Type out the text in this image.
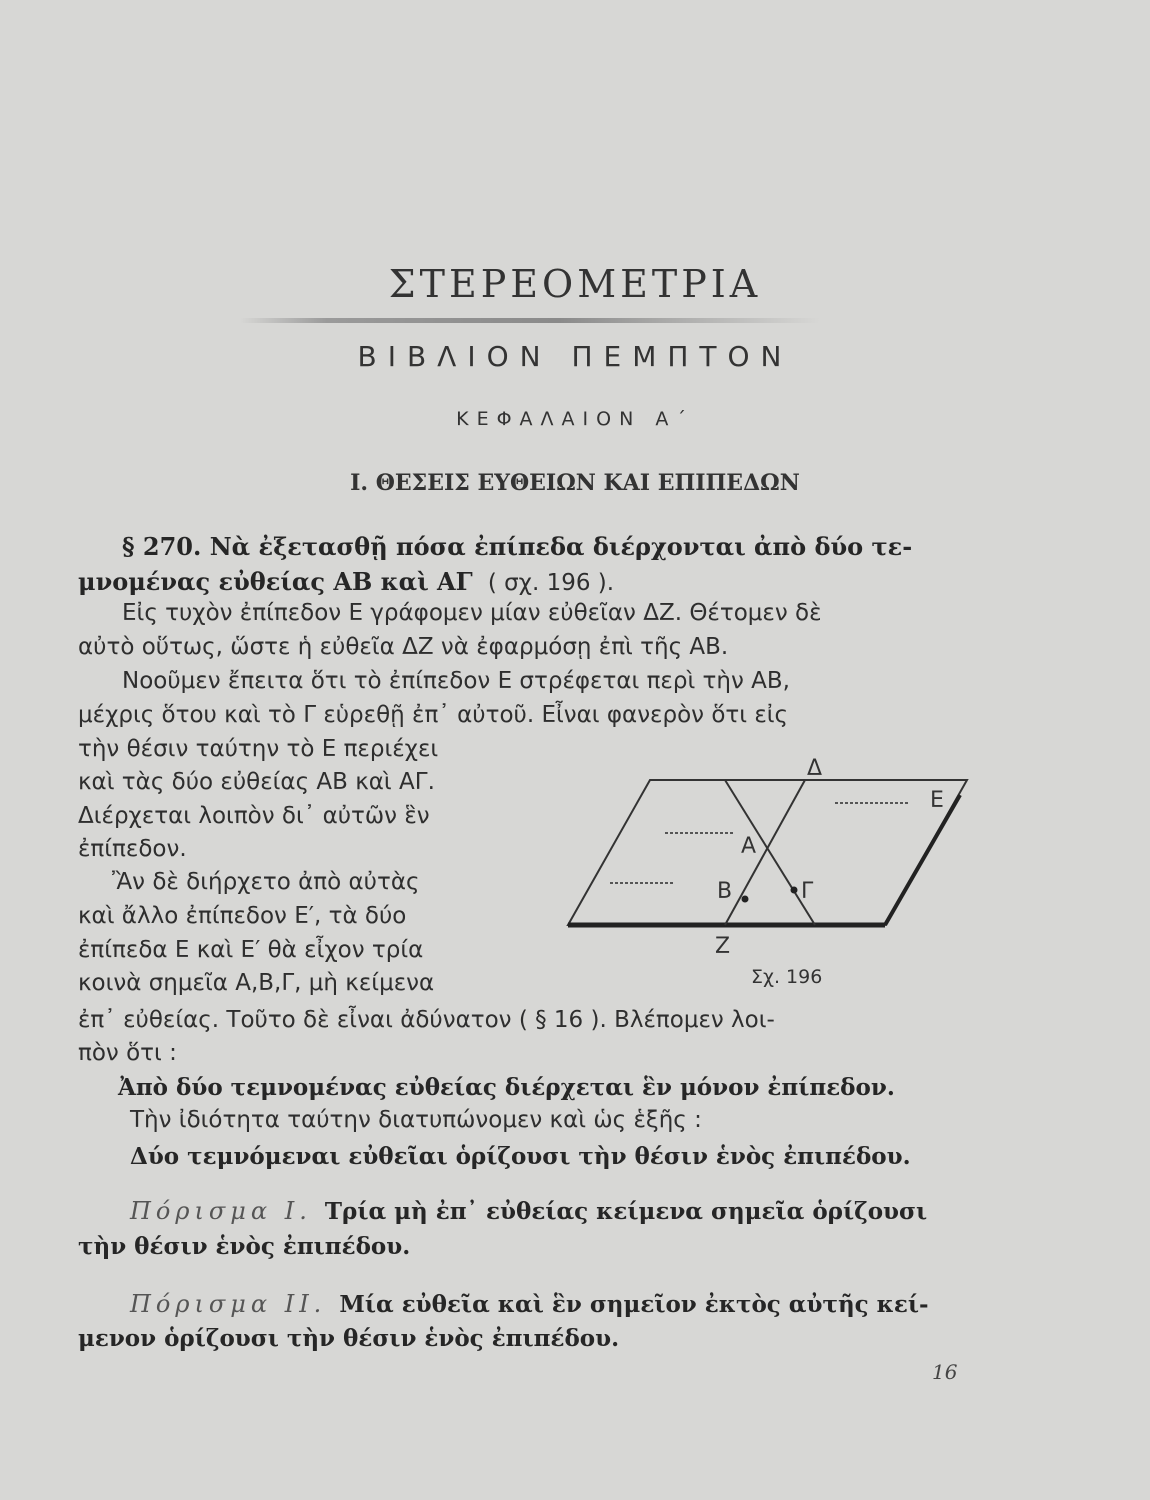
ΣΤΕΡΕΟΜΕΤΡΙΑ
ΒΙΒΛΙΟΝ ΠΕΜΠΤΟΝ
ΚΕΦΑΛΑΙΟΝ Α΄
I. ΘΕΣΕΙΣ ΕΥΘΕΙΩΝ ΚΑΙ ΕΠΙΠΕΔΩΝ
§ 270. Νὰ ἐξετασθῇ πόσα ἐπίπεδα διέρχονται ἀπὸ δύο τε-
μνομένας εὐθείας ΑΒ καὶ ΑΓ ( σχ. 196 ).
Εἰς τυχὸν ἐπίπεδον Ε γράφομεν μίαν εὐθεῖαν ΔΖ. Θέτομεν δὲ
αὐτὸ οὕτως, ὥστε ἡ εὐθεῖα ΔΖ νὰ ἐφαρμόσῃ ἐπὶ τῆς ΑΒ.
Νοοῦμεν ἔπειτα ὅτι τὸ ἐπίπεδον Ε στρέφεται περὶ τὴν ΑΒ,
μέχρις ὅτου καὶ τὸ Γ εὑρεθῇ ἐπ᾽ αὐτοῦ. Εἶναι φανερὸν ὅτι εἰς
τὴν θέσιν ταύτην τὸ Ε περιέχει
καὶ τὰς δύο εὐθείας ΑΒ καὶ ΑΓ.
Διέρχεται λοιπὸν δι᾽ αὐτῶν ἓν
ἐπίπεδον.
Ἂν δὲ διήρχετο ἀπὸ αὐτὰς
καὶ ἄλλο ἐπίπεδον Ε′, τὰ δύο
ἐπίπεδα Ε καὶ Ε′ θὰ εἶχον τρία
κοινὰ σημεῖα Α,Β,Γ, μὴ κείμενα
ἐπ᾽ εὐθείας. Τοῦτο δὲ εἶναι ἀδύνατον ( § 16 ). Βλέπομεν λοι-
πὸν ὅτι :
Ἀπὸ δύο τεμνομένας εὐθείας διέρχεται ἓν μόνον ἐπίπεδον.
Τὴν ἰδιότητα ταύτην διατυπώνομεν καὶ ὡς ἑξῆς :
Δύο τεμνόμεναι εὐθεῖαι ὁρίζουσι τὴν θέσιν ἑνὸς ἐπιπέδου.
Πόρισμα I. Τρία μὴ ἐπ᾽ εὐθείας κείμενα σημεῖα ὁρίζουσι
τὴν θέσιν ἑνὸς ἐπιπέδου.
Πόρισμα II. Μία εὐθεῖα καὶ ἓν σημεῖον ἐκτὸς αὐτῆς κεί-
μενον ὁρίζουσι τὴν θέσιν ἑνὸς ἐπιπέδου.
Δ
Ε
Α
Β	Γ
Ζ
Σχ. 196
16
